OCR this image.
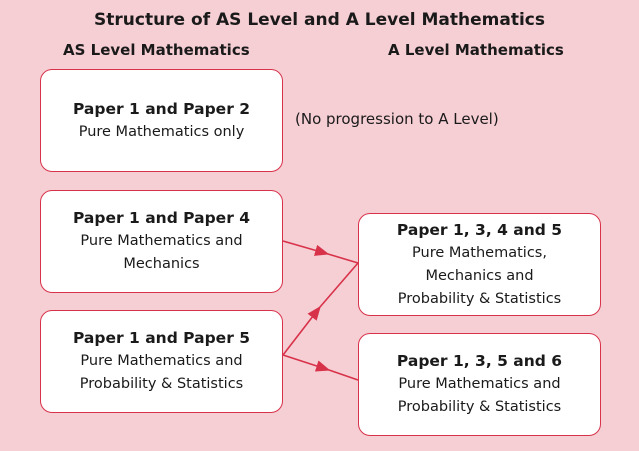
Structure of AS Level and A Level Mathematics
AS Level Mathematics	A Level Mathematics
Paper 1 and Paper 2
Pure Mathematics only
(No progression to A Level)
Paper 1 and Paper 4
Pure Mathematics and
Mechanics
Paper 1 and Paper 5
Pure Mathematics and
Probability & Statistics
Paper 1, 3, 4 and 5
Pure Mathematics,
Mechanics and
Probability & Statistics
Paper 1, 3, 5 and 6
Pure Mathematics and
Probability & Statistics
